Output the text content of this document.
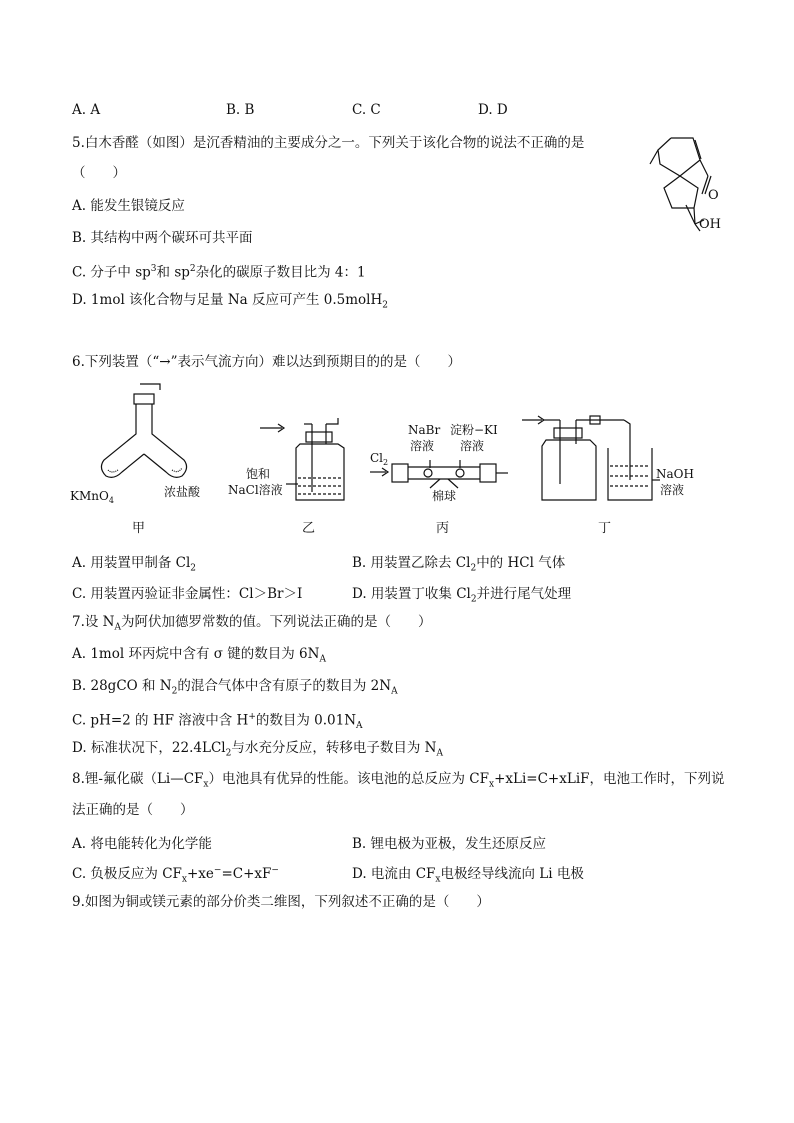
A. A	B. B	C. C	D. D
5.白木香醛（如图）是沉香精油的主要成分之一。下列关于该化合物的说法不正确的是
（　　）
A. 能发生银镜反应
B. 其结构中两个碳环可共平面
C. 分子中 $sp^3$和 $sp^2$杂化的碳原子数目比为 4：1
D. 1mol 该化合物与足量 Na 反应可产生 0.5molH$_2$
O
OH
6.下列装置（“→”表示气流方向）难以达到预期目的的是（　　）
KMnO$_4$
浓盐酸
甲
饱和
NaCl溶液
乙
NaBr
溶液
淀粉−KI
溶液
$Cl_2$
棉球
丙
NaOH
溶液
丁
A. 用装置甲制备 $Cl_2$	B. 用装置乙除去 $Cl_2$中的 HCl 气体
C. 用装置丙验证非金属性：Cl＞Br＞I	D. 用装置丁收集 $Cl_2$并进行尾气处理
7.设 $N_A$为阿伏加德罗常数的值。下列说法正确的是（　　）
A. 1mol 环丙烷中含有 σ 键的数目为 $6N_A$
B. 28gCO 和 $N_2$的混合气体中含有原子的数目为 $2N_A$
C. pH=2 的 HF 溶液中含 H+的数目为 $0.01N_A$
D. 标准状况下，22.4LCl$_2$与水充分反应，转移电子数目为 $N_A$
8.锂-氟化碳$(Li—CF_x)$电池具有优异的性能。该电池的总反应为 $CF_x+xLi=C+xLiF$，电池工作时，下列说
法正确的是（　　）
A. 将电能转化为化学能	B. 锂电极为亚极，发生还原反应
C. 负极反应为 $CF_x+xe^-=C+xF^-$	D. 电流由 $CF_x$电极经导线流向 Li 电极
9.如图为铜或镁元素的部分价类二维图，下列叙述不正确的是（　　）
